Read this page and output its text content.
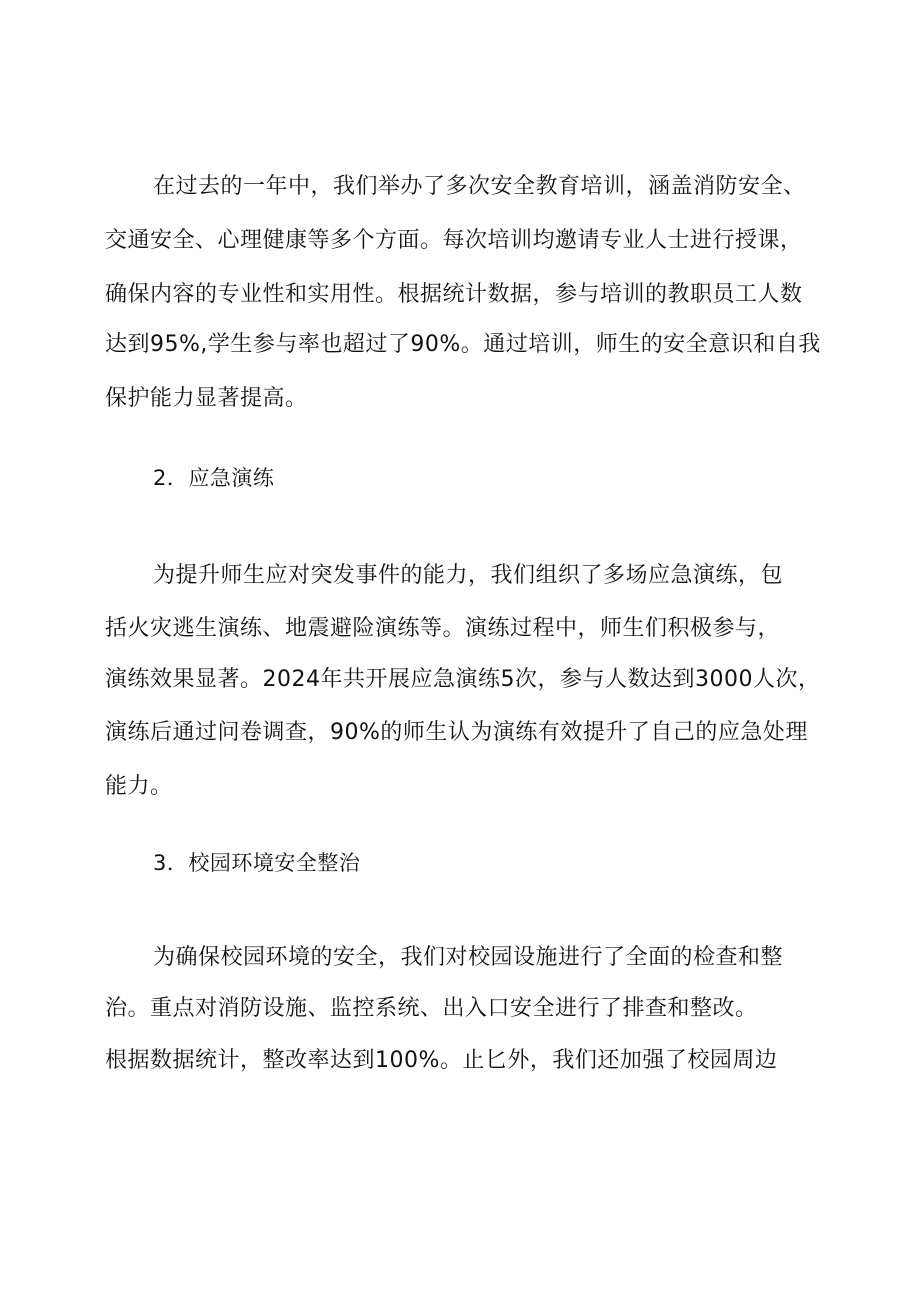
在过去的一年中，我们举办了多次安全教育培训，涵盖消防安全、
交通安全、心理健康等多个方面。每次培训均邀请专业人士进行授课，
确保内容的专业性和实用性。根据统计数据，参与培训的教职员工人数
达到95%,学生参与率也超过了90%。通过培训，师生的安全意识和自我
保护能力显著提高。
2．应急演练
为提升师生应对突发事件的能力，我们组织了多场应急演练，包
括火灾逃生演练、地震避险演练等。演练过程中，师生们积极参与，
演练效果显著。2024年共开展应急演练5次，参与人数达到3000人次，
演练后通过问卷调查，90%的师生认为演练有效提升了自己的应急处理
能力。
3．校园环境安全整治
为确保校园环境的安全，我们对校园设施进行了全面的检查和整
治。重点对消防设施、监控系统、出入口安全进行了排查和整改。
根据数据统计，整改率达到100%。止匕外，我们还加强了校园周边
